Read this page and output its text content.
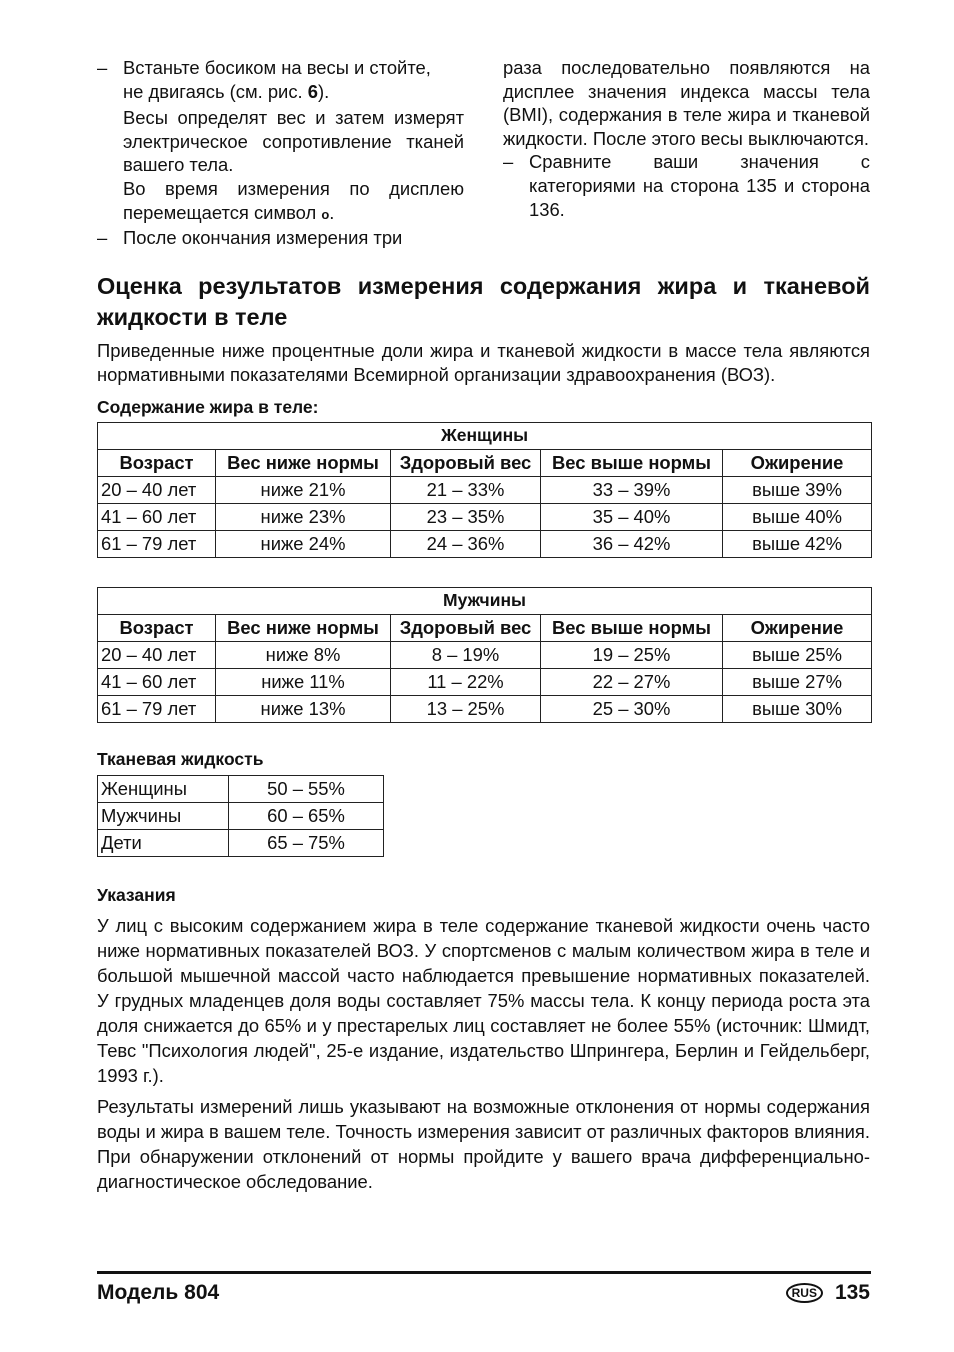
– Встаньте босиком на весы и стойте,
не двигаясь (см. рис. 6).
Весы определят вес и затем измерят электрическое сопротивление тканей вашего тела.
Во время измерения по дисплею перемещается символ o.
– После окончания измерения три
раза последовательно появляются на дисплее значения индекса массы тела (BMI), содержания в теле жира и тканевой жидкости. После этого весы выключаются.
– Сравните ваши значения с категориями на сторона 135 и сторона 136.
Оценка результатов измерения содержания жира и тканевой жидкости в теле
Приведенные ниже процентные доли жира и тканевой жидкости в массе тела являются нормативными показателями Всемирной организации здравоохранения (ВОЗ).
Содержание жира в теле:
Женщины				
Возраст	Вес ниже нормы	Здоровый вес	Вес выше нормы	Ожирение
20 – 40 лет	ниже 21%	21 – 33%	33 – 39%	выше 39%
41 – 60 лет	ниже 23%	23 – 35%	35 – 40%	выше 40%
61 – 79 лет	ниже 24%	24 – 36%	36 – 42%	выше 42%
Мужчины				
Возраст	Вес ниже нормы	Здоровый вес	Вес выше нормы	Ожирение
20 – 40 лет	ниже 8%	8 – 19%	19 – 25%	выше 25%
41 – 60 лет	ниже 11%	11 – 22%	22 – 27%	выше 27%
61 – 79 лет	ниже 13%	13 – 25%	25 – 30%	выше 30%
Тканевая жидкость
Женщины	50 – 55%
Мужчины	60 – 65%
Дети	65 – 75%
Указания

У лиц с высоким содержанием жира в теле содержание тканевой жидкости очень часто ниже нормативных показателей ВОЗ. У спортсменов с малым количеством жира в теле и большой мышечной массой часто наблюдается превышение нормативных показателей. У грудных младенцев доля воды составляет 75% массы тела. К концу периода роста эта доля снижается до 65% и у престарелых лиц составляет не более 55% (источник: Шмидт, Тевс "Психология людей", 25-е издание, издательство Шпрингера, Берлин и Гейдельберг, 1993 г.).

Результаты измерений лишь указывают на возможные отклонения от нормы содержания воды и жира в вашем теле. Точность измерения зависит от различных факторов влияния. При обнаружении отклонений от нормы пройдите у вашего врача дифференциально-диагностическое обследование.

Модель 804	RUS 135
